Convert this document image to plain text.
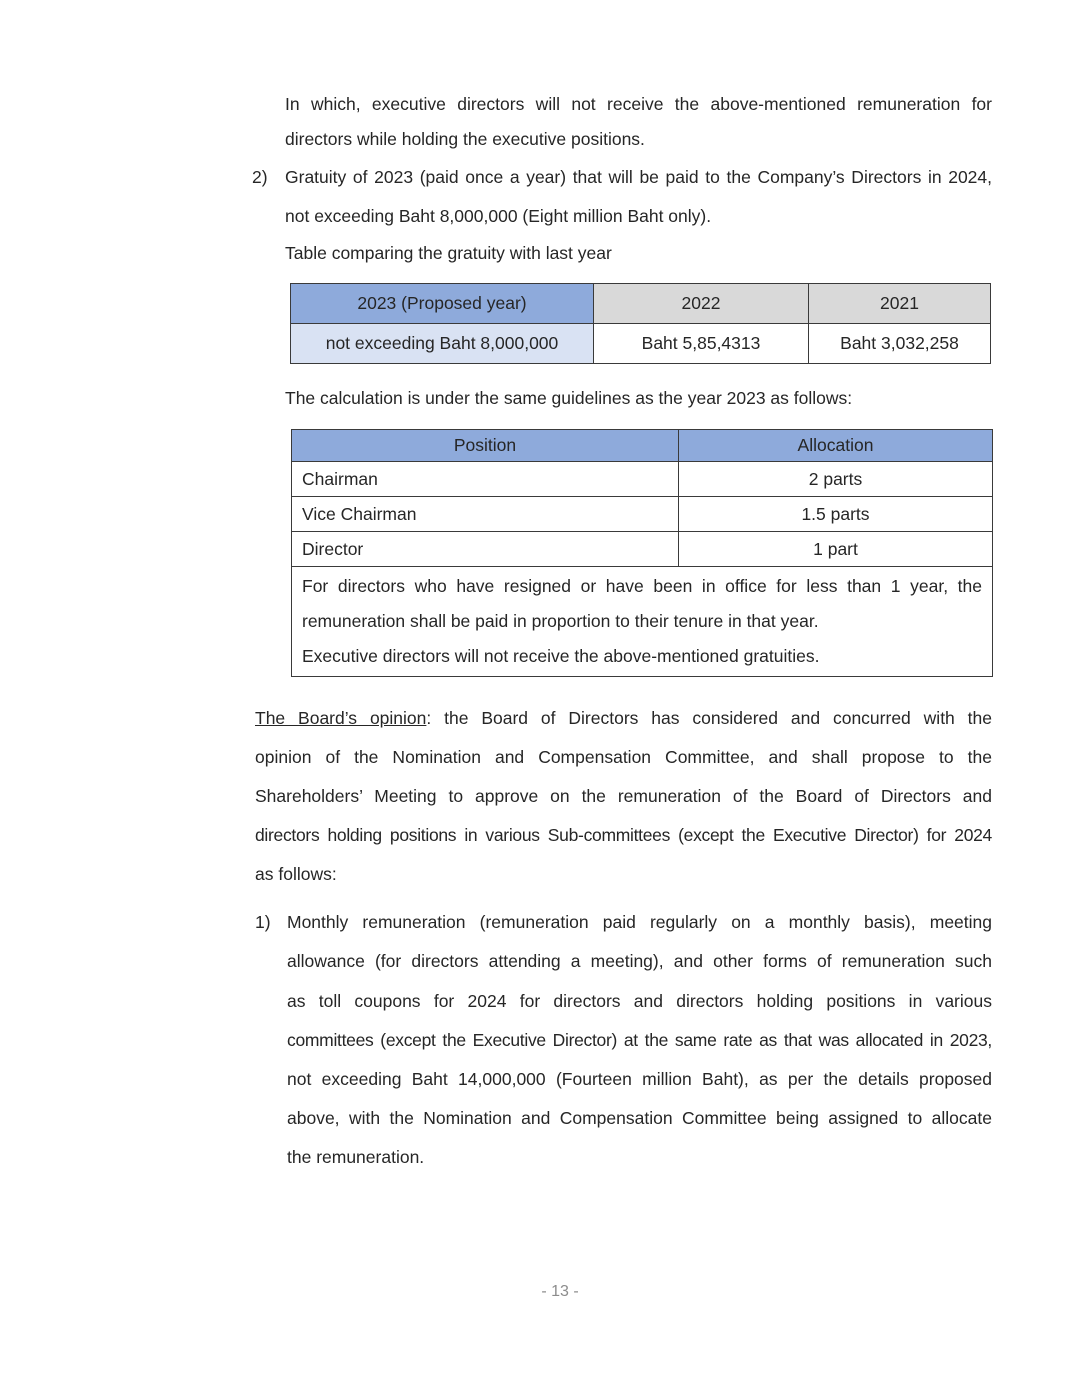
In which, executive directors will not receive the above-mentioned remuneration for
directors while holding the executive positions.
2) Gratuity of 2023 (paid once a year) that will be paid to the Company’s Directors in 2024,
not exceeding Baht 8,000,000 (Eight million Baht only).
Table comparing the gratuity with last year
2023 (Proposed year)	2022	2021
not exceeding Baht 8,000,000	Baht 5,85,4313	Baht 3,032,258
The calculation is under the same guidelines as the year 2023 as follows:
Position	Allocation
Chairman	2 parts
Vice Chairman	1.5 parts
Director	1 part

For directors who have resigned or have been in office for less than 1 year, the
remuneration shall be paid in proportion to their tenure in that year.
Executive directors will not receive the above-mentioned gratuities.	
The Board’s opinion: the Board of Directors has considered and concurred with the
opinion of the Nomination and Compensation Committee, and shall propose to the
Shareholders’ Meeting to approve on the remuneration of the Board of Directors and
directors holding positions in various Sub-committees (except the Executive Director) for 2024
as follows:
1) Monthly remuneration (remuneration paid regularly on a monthly basis), meeting
allowance (for directors attending a meeting), and other forms of remuneration such
as toll coupons for 2024 for directors and directors holding positions in various
committees (except the Executive Director) at the same rate as that was allocated in 2023,
not exceeding Baht 14,000,000 (Fourteen million Baht), as per the details proposed
above, with the Nomination and Compensation Committee being assigned to allocate
the remuneration.
- 13 -
